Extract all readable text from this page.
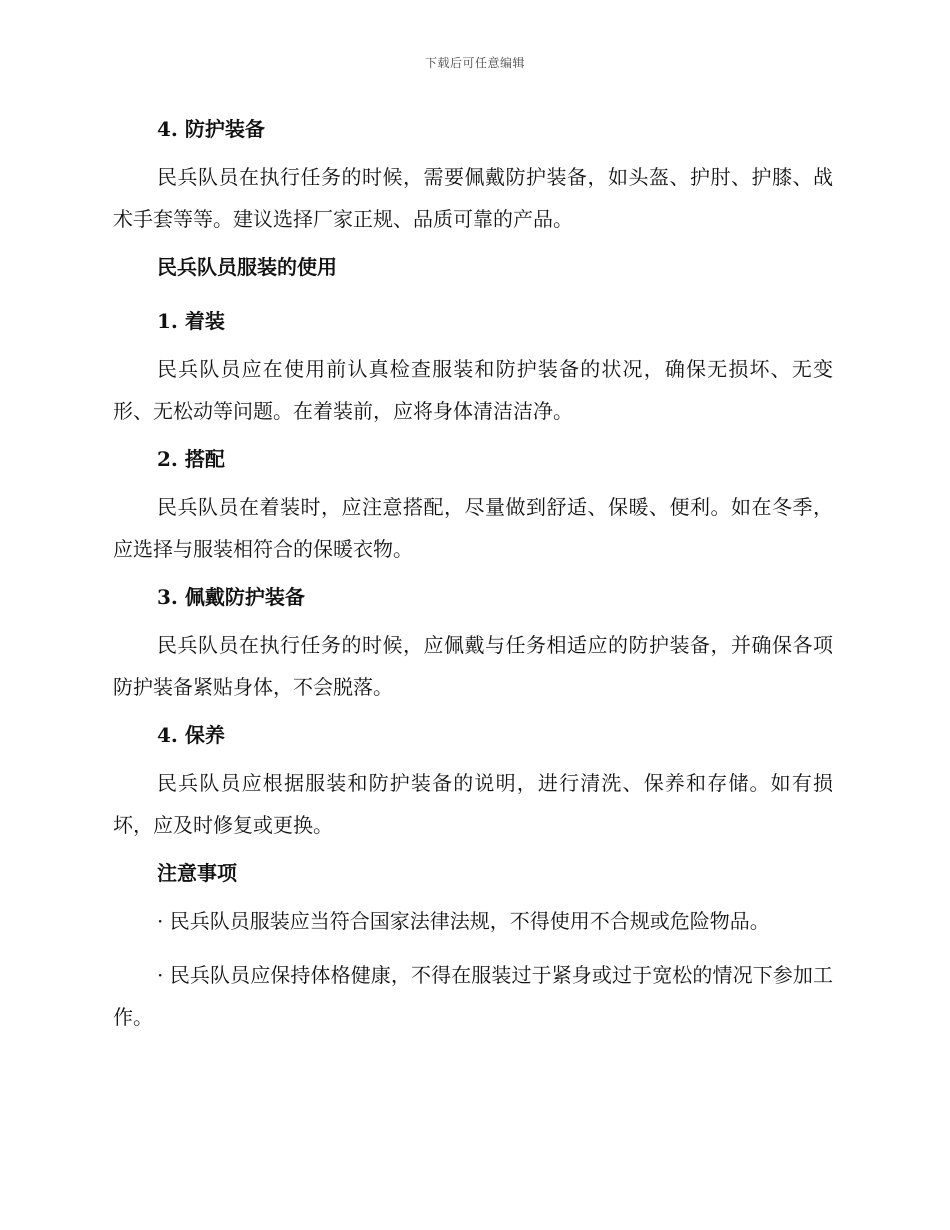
下载后可任意编辑
4. 防护装备

民兵队员在执行任务的时候，需要佩戴防护装备，如头盔、护肘、护膝、战术手套等等。建议选择厂家正规、品质可靠的产品。

民兵队员服装的使用
1. 着装

民兵队员应在使用前认真检查服装和防护装备的状况，确保无损坏、无变形、无松动等问题。在着装前，应将身体清洁洁净。

2. 搭配

民兵队员在着装时，应注意搭配，尽量做到舒适、保暖、便利。如在冬季，应选择与服装相符合的保暖衣物。

3. 佩戴防护装备

民兵队员在执行任务的时候，应佩戴与任务相适应的防护装备，并确保各项防护装备紧贴身体，不会脱落。

4. 保养

民兵队员应根据服装和防护装备的说明，进行清洗、保养和存储。如有损坏，应及时修复或更换。

注意事项

· 民兵队员服装应当符合国家法律法规，不得使用不合规或危险物品。

· 民兵队员应保持体格健康，不得在服装过于紧身或过于宽松的情况下参加工作。
